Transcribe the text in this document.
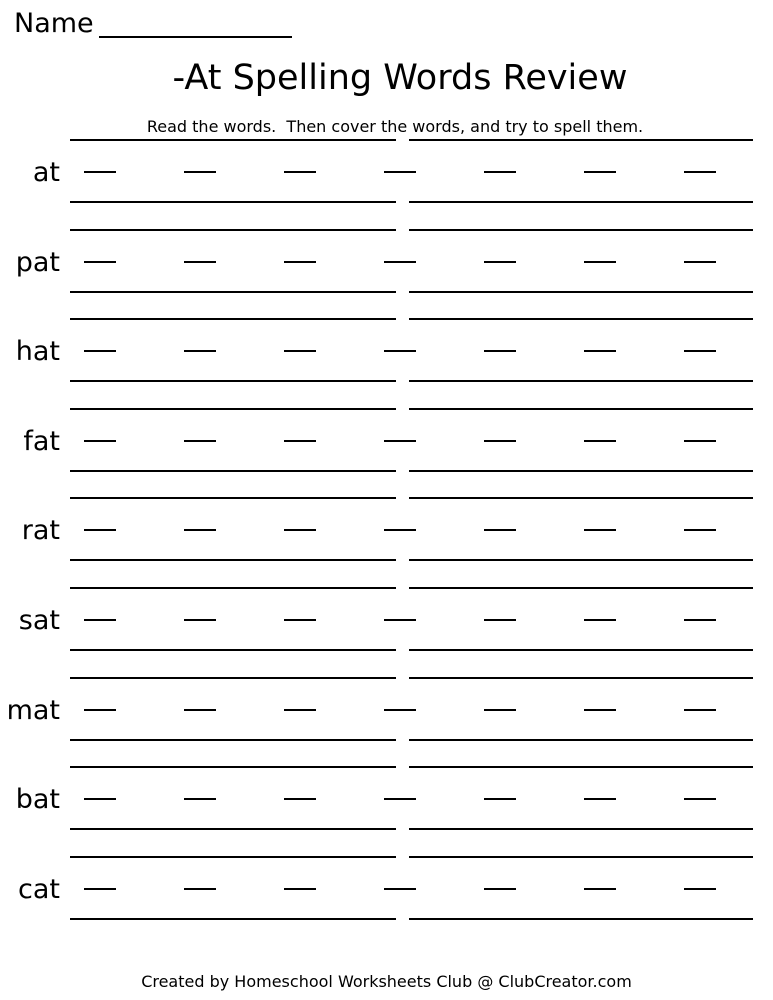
Name
-At Spelling Words Review
Read the words.  Then cover the words, and try to spell them.
at
pat
hat
fat
rat
sat
mat
bat
cat
Created by Homeschool Worksheets Club @ ClubCreator.com
